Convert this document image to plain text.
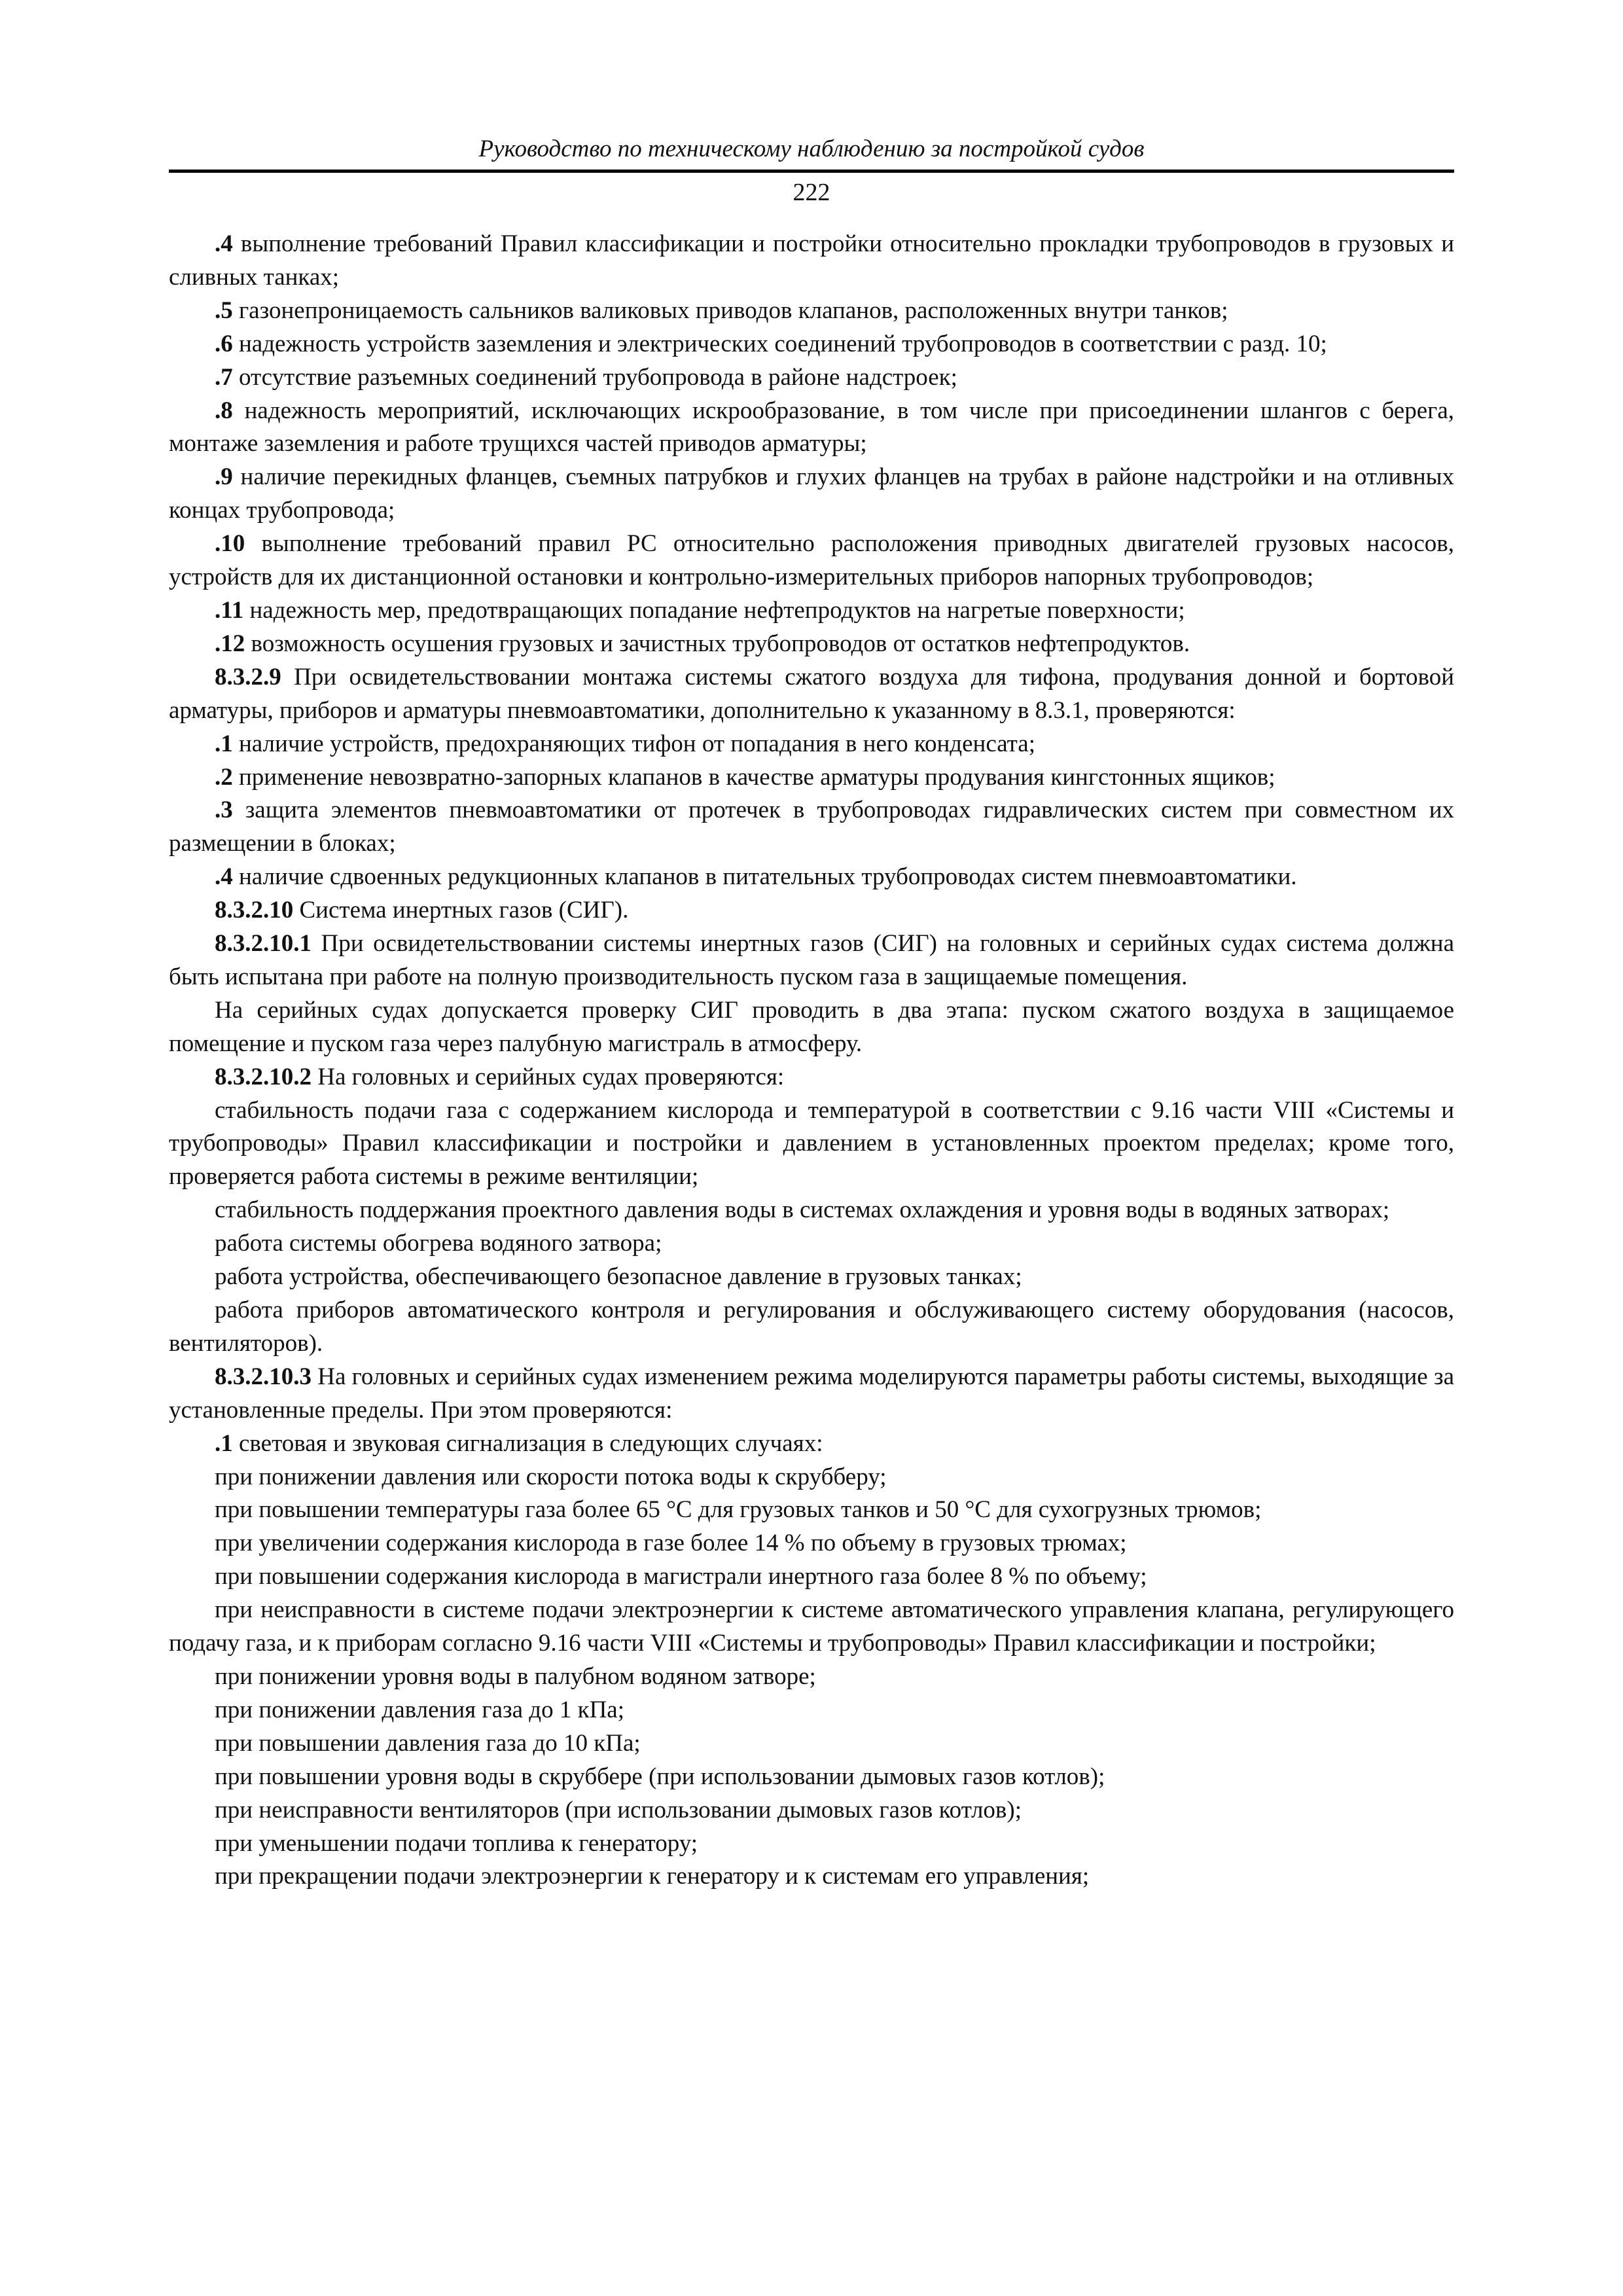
Руководство по техническому наблюдению за постройкой судов

222

.4 выполнение требований Правил классификации и постройки относительно прокладки трубопроводов в грузовых и сливных танках;

.5 газонепроницаемость сальников валиковых приводов клапанов, расположенных внутри танков;

.6 надежность устройств заземления и электрических соединений трубопроводов в соответствии с разд. 10;

.7 отсутствие разъемных соединений трубопровода в районе надстроек;

.8 надежность мероприятий, исключающих искрообразование, в том числе при присоединении шлангов с берега, монтаже заземления и работе трущихся частей приводов арматуры;

.9 наличие перекидных фланцев, съемных патрубков и глухих фланцев на трубах в районе надстройки и на отливных концах трубопровода;

.10 выполнение требований правил РС относительно расположения приводных двигателей грузовых насосов, устройств для их дистанционной остановки и контрольно-измерительных приборов напорных трубопроводов;

.11 надежность мер, предотвращающих попадание нефтепродуктов на нагретые поверхности;

.12 возможность осушения грузовых и зачистных трубопроводов от остатков нефтепродуктов.

8.3.2.9 При освидетельствовании монтажа системы сжатого воздуха для тифона, продувания донной и бортовой арматуры, приборов и арматуры пневмоавтоматики, дополнительно к указанному в 8.3.1, проверяются:

.1 наличие устройств, предохраняющих тифон от попадания в него конденсата;

.2 применение невозвратно-запорных клапанов в качестве арматуры продувания кингстонных ящиков;

.3 защита элементов пневмоавтоматики от протечек в трубопроводах гидравлических систем при совместном их размещении в блоках;

.4 наличие сдвоенных редукционных клапанов в питательных трубопроводах систем пневмоавтоматики.

8.3.2.10 Система инертных газов (СИГ).

8.3.2.10.1 При освидетельствовании системы инертных газов (СИГ) на головных и серийных судах система должна быть испытана при работе на полную производительность пуском газа в защищаемые помещения.

На серийных судах допускается проверку СИГ проводить в два этапа: пуском сжатого воздуха в защищаемое помещение и пуском газа через палубную магистраль в атмосферу.

8.3.2.10.2 На головных и серийных судах проверяются:

стабильность подачи газа с содержанием кислорода и температурой в соответствии с 9.16 части VIII «Системы и трубопроводы» Правил классификации и постройки и давлением в установленных проектом пределах; кроме того, проверяется работа системы в режиме вентиляции;

стабильность поддержания проектного давления воды в системах охлаждения и уровня воды в водяных затворах;

работа системы обогрева водяного затвора;

работа устройства, обеспечивающего безопасное давление в грузовых танках;

работа приборов автоматического контроля и регулирования и обслуживающего систему оборудования (насосов, вентиляторов).

8.3.2.10.3 На головных и серийных судах изменением режима моделируются параметры работы системы, выходящие за установленные пределы. При этом проверяются:

.1 световая и звуковая сигнализация в следующих случаях:

при понижении давления или скорости потока воды к скрубберу;

при повышении температуры газа более 65 °С для грузовых танков и 50 °С для сухогрузных трюмов;

при увеличении содержания кислорода в газе более 14 % по объему в грузовых трюмах;

при повышении содержания кислорода в магистрали инертного газа более 8 % по объему;

при неисправности в системе подачи электроэнергии к системе автоматического управления клапана, регулирующего подачу газа, и к приборам согласно 9.16 части VIII «Системы и трубопроводы» Правил классификации и постройки;

при понижении уровня воды в палубном водяном затворе;

при понижении давления газа до 1 кПа;

при повышении давления газа до 10 кПа;

при повышении уровня воды в скруббере (при использовании дымовых газов котлов);

при неисправности вентиляторов (при использовании дымовых газов котлов);

при уменьшении подачи топлива к генератору;

при прекращении подачи электроэнергии к генератору и к системам его управления;
